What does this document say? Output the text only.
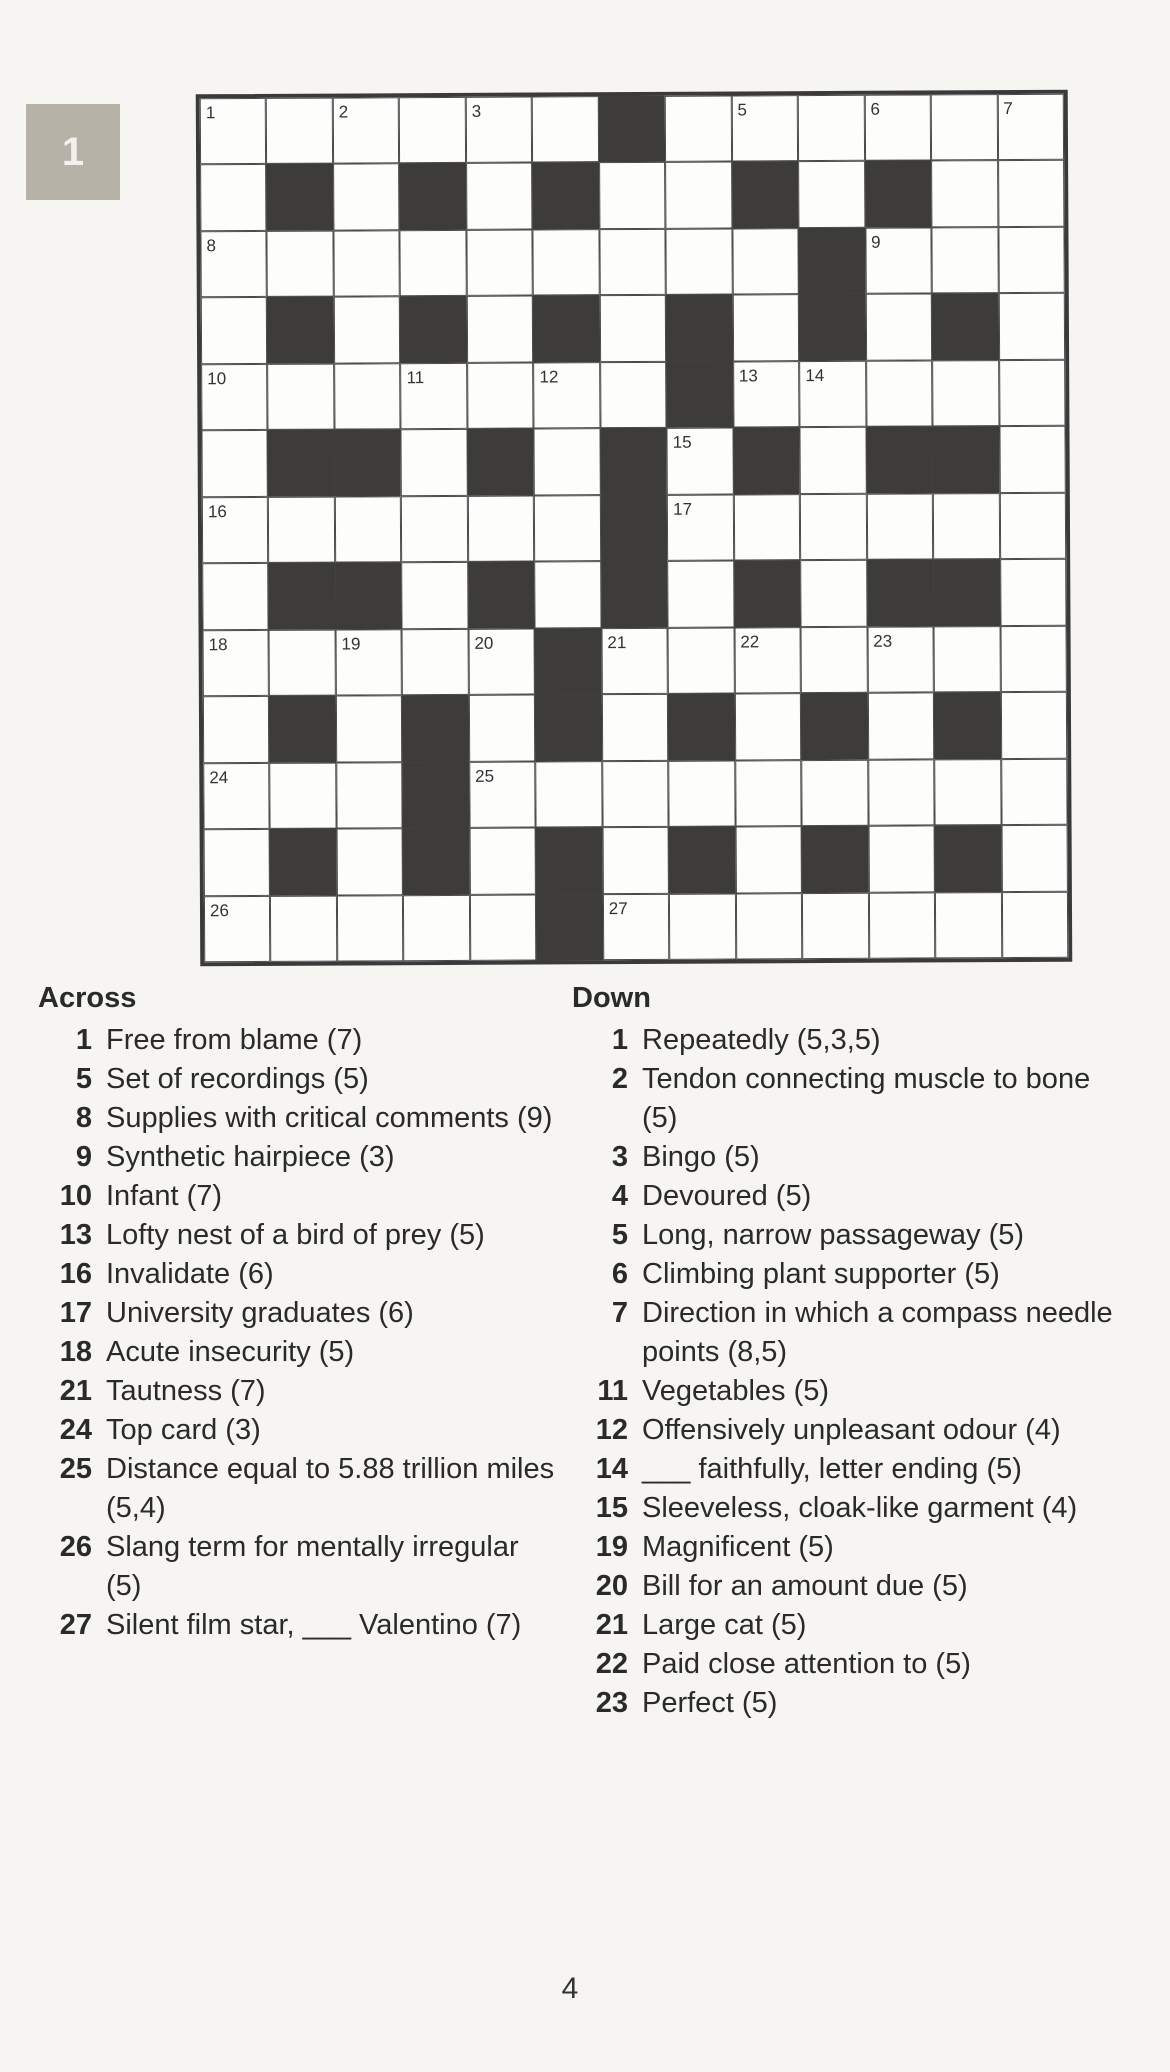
1
1	2	3	5	6	7
8	9
10	11	12	13	14
15
16	17
18	19	20	21	22	23
24	25
26	27
Across
1 Free from blame (7)
5 Set of recordings (5)
8 Supplies with critical comments (9)
9 Synthetic hairpiece (3)
10 Infant (7)
13 Lofty nest of a bird of prey (5)
16 Invalidate (6)
17 University graduates (6)
18 Acute insecurity (5)
21 Tautness (7)
24 Top card (3)
25 Distance equal to 5.88 trillion miles (5,4)
26 Slang term for mentally irregular (5)
27 Silent film star, ___ Valentino (7)
Down
1 Repeatedly (5,3,5)
2 Tendon connecting muscle to bone (5)
3 Bingo (5)
4 Devoured (5)
5 Long, narrow passageway (5)
6 Climbing plant supporter (5)
7 Direction in which a compass needle points (8,5)
11 Vegetables (5)
12 Offensively unpleasant odour (4)
14 ___ faithfully, letter ending (5)
15 Sleeveless, cloak-like garment (4)
19 Magnificent (5)
20 Bill for an amount due (5)
21 Large cat (5)
22 Paid close attention to (5)
23 Perfect (5)
4
